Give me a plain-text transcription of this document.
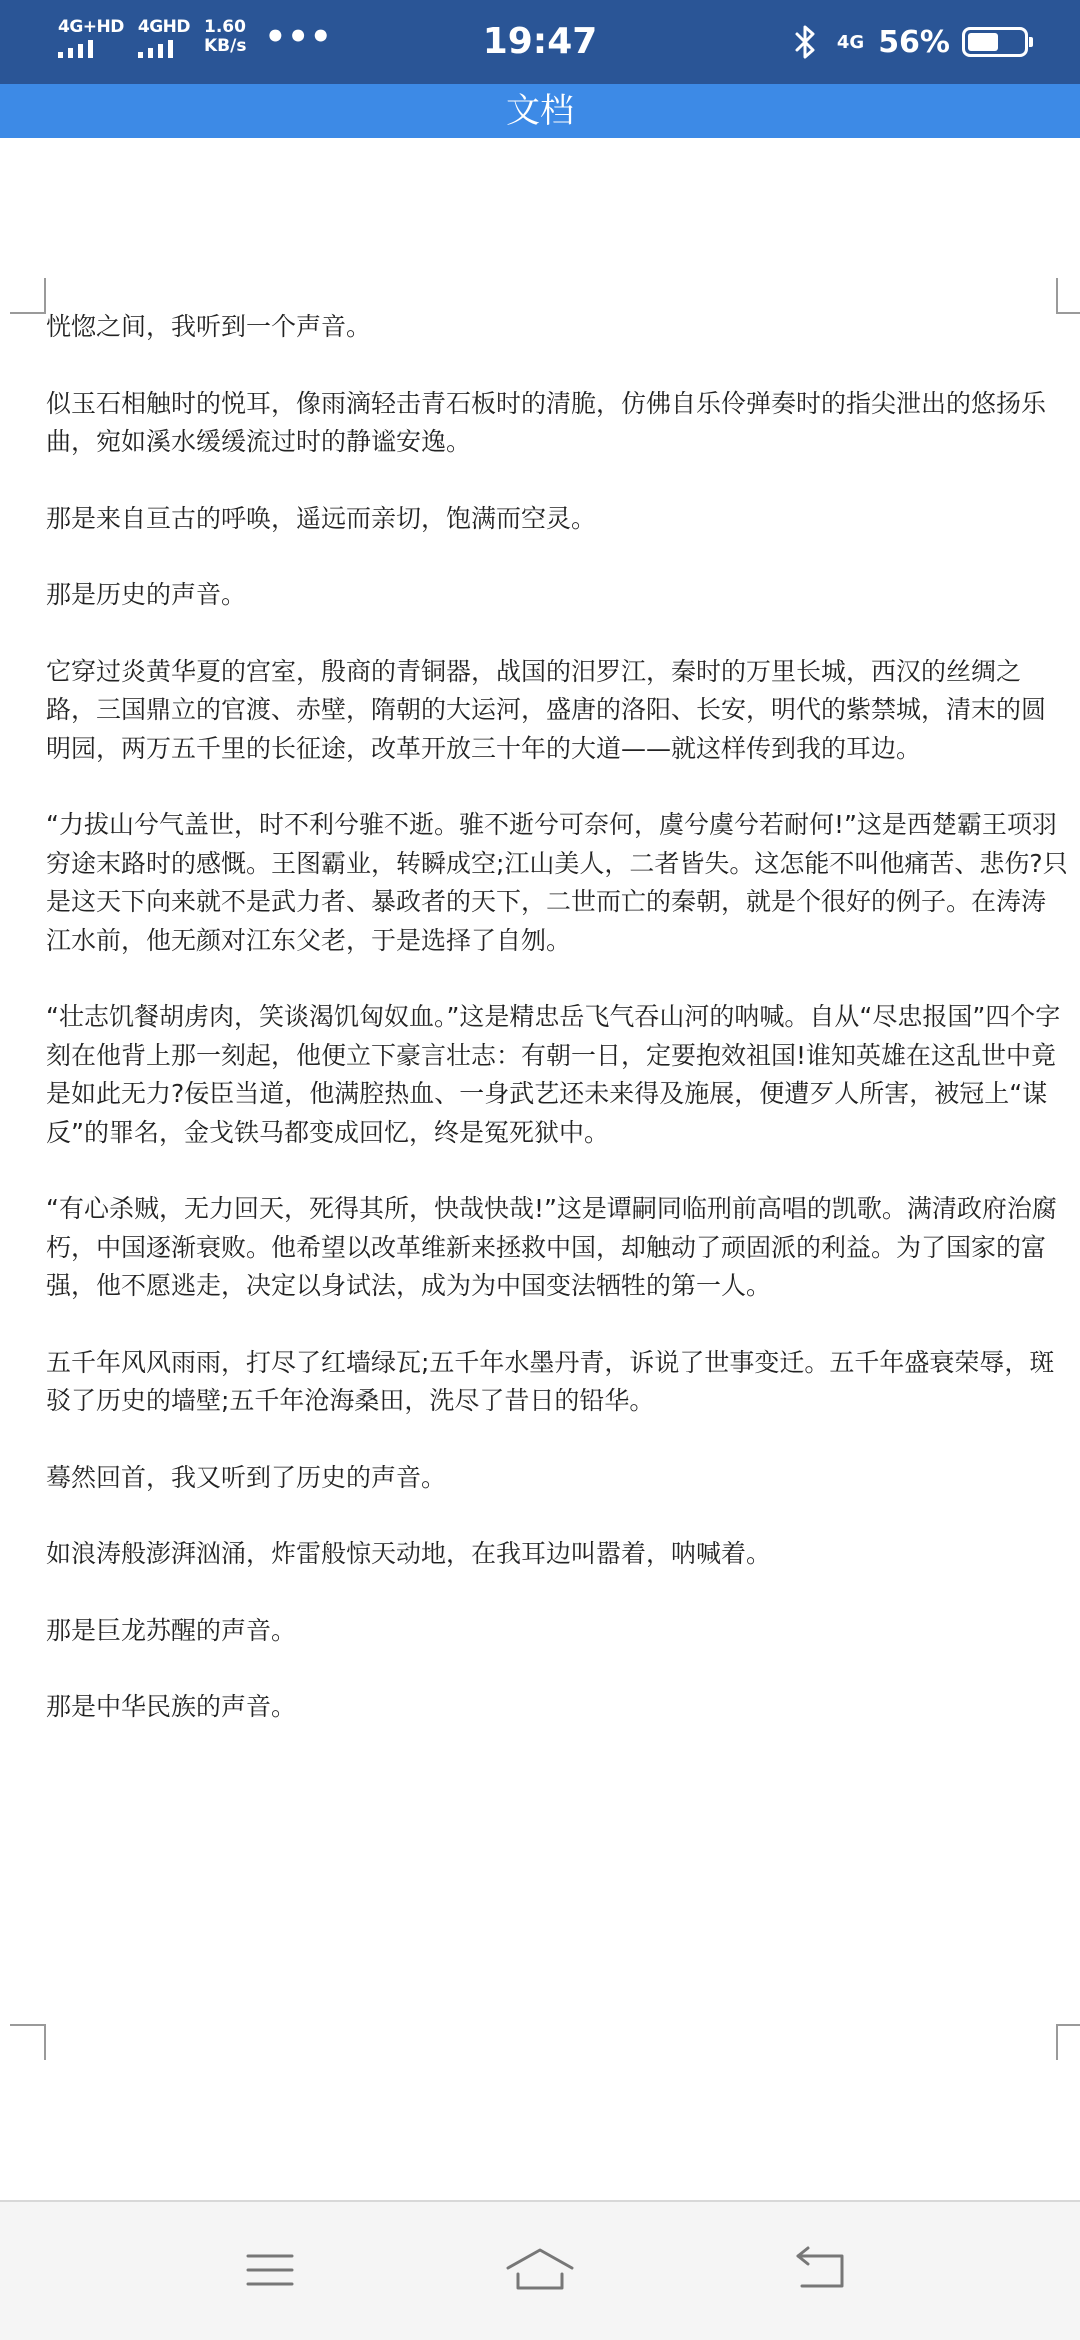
4G+HD 4GHD 1.60
KB/s •••	19:47	4G 56%
文档

恍惚之间，我听到一个声音。

似玉石相触时的悦耳，像雨滴轻击青石板时的清脆，仿佛自乐伶弹奏时的指尖泄出的悠扬乐曲，宛如溪水缓缓流过时的静谧安逸。

那是来自亘古的呼唤，遥远而亲切，饱满而空灵。

那是历史的声音。

它穿过炎黄华夏的宫室，殷商的青铜器，战国的汨罗江，秦时的万里长城，西汉的丝绸之路，三国鼎立的官渡、赤壁，隋朝的大运河，盛唐的洛阳、长安，明代的紫禁城，清末的圆明园，两万五千里的长征途，改革开放三十年的大道——就这样传到我的耳边。

“力拔山兮气盖世，时不利兮骓不逝。骓不逝兮可奈何，虞兮虞兮若耐何!”这是西楚霸王项羽穷途末路时的感慨。王图霸业，转瞬成空;江山美人，二者皆失。这怎能不叫他痛苦、悲伤?只是这天下向来就不是武力者、暴政者的天下，二世而亡的秦朝，就是个很好的例子。在涛涛江水前，他无颜对江东父老，于是选择了自刎。

“壮志饥餐胡虏肉，笑谈渴饥匈奴血。”这是精忠岳飞气吞山河的呐喊。自从“尽忠报国”四个字刻在他背上那一刻起，他便立下豪言壮志：有朝一日，定要抱效祖国!谁知英雄在这乱世中竟是如此无力?佞臣当道，他满腔热血、一身武艺还未来得及施展，便遭歹人所害，被冠上“谋反”的罪名，金戈铁马都变成回忆，终是冤死狱中。

“有心杀贼，无力回天，死得其所，快哉快哉!”这是谭嗣同临刑前高唱的凯歌。满清政府治腐朽，中国逐渐衰败。他希望以改革维新来拯救中国，却触动了顽固派的利益。为了国家的富强，他不愿逃走，决定以身试法，成为为中国变法牺牲的第一人。

五千年风风雨雨，打尽了红墙绿瓦;五千年水墨丹青，诉说了世事变迁。五千年盛衰荣辱，斑驳了历史的墙壁;五千年沧海桑田，洗尽了昔日的铅华。

蓦然回首，我又听到了历史的声音。

如浪涛般澎湃汹涌，炸雷般惊天动地，在我耳边叫嚣着，呐喊着。

那是巨龙苏醒的声音。

那是中华民族的声音。
